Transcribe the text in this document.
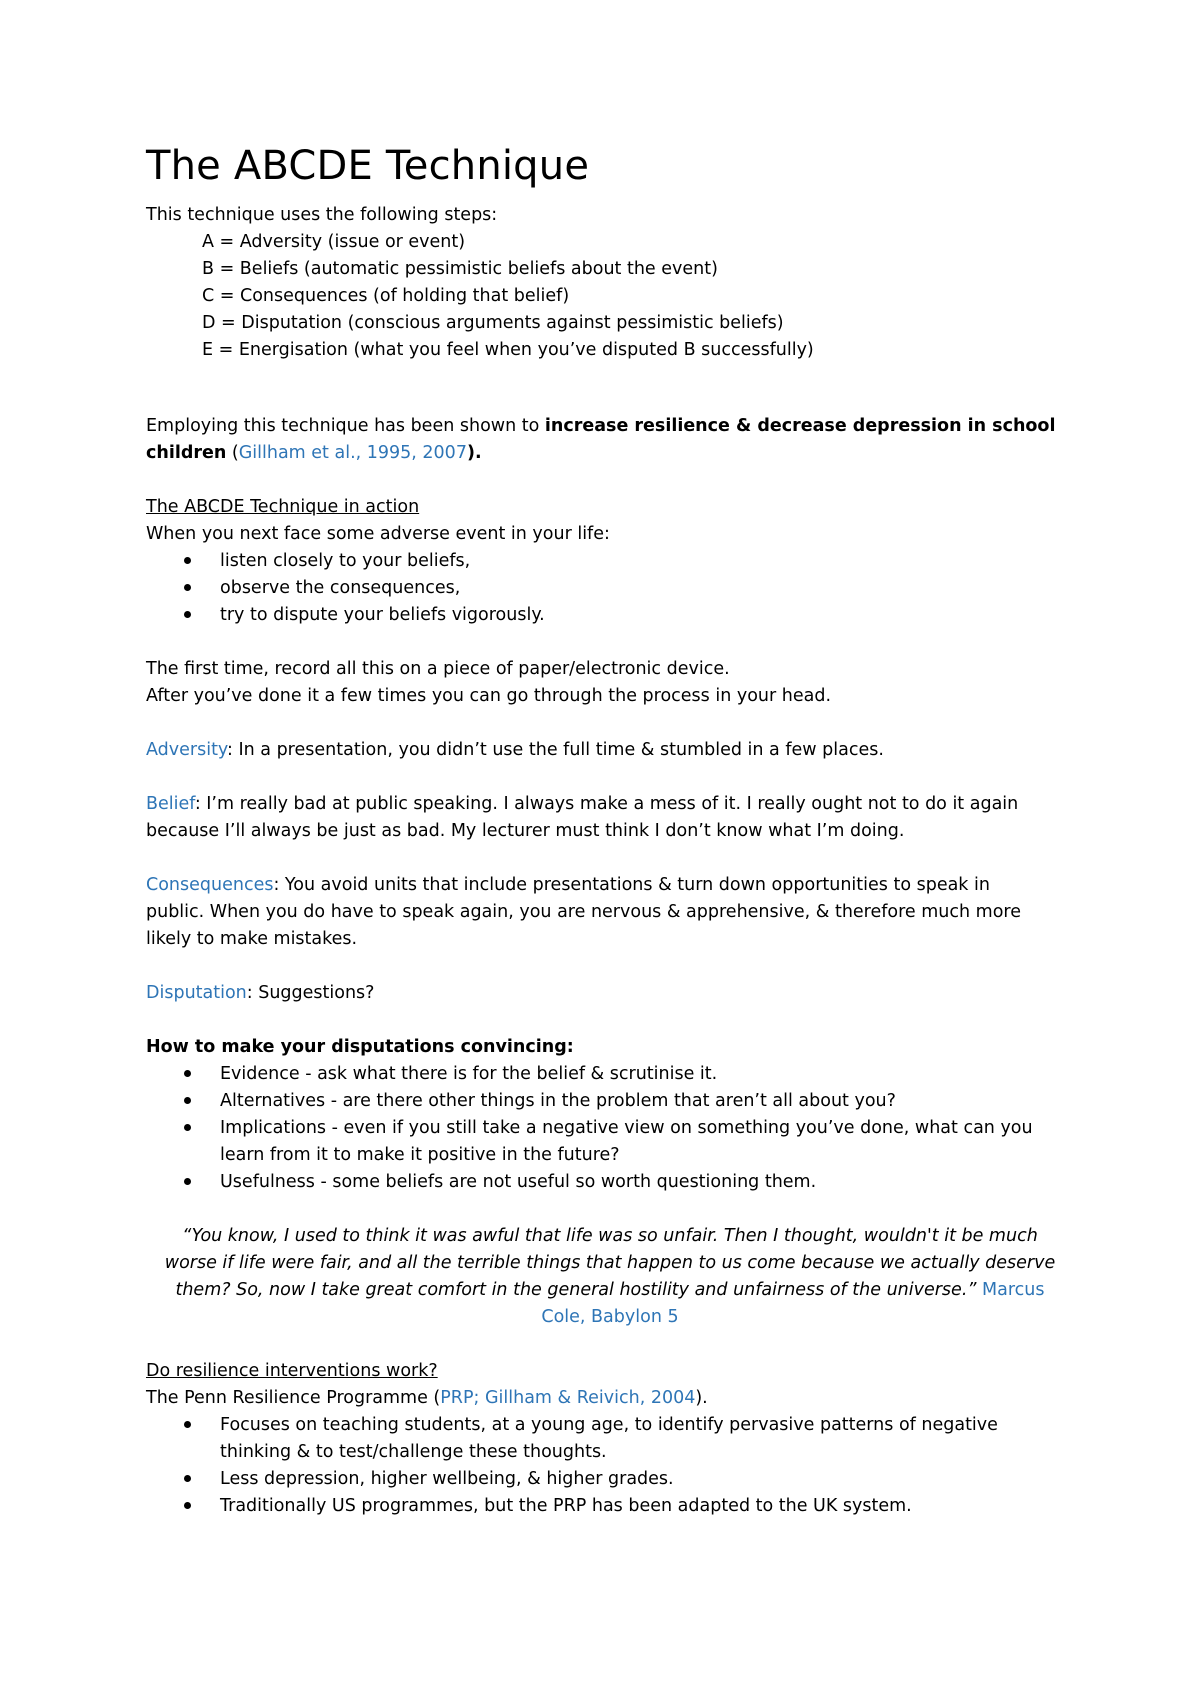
The ABCDE Technique

This technique uses the following steps:

A = Adversity (issue or event)

B = Beliefs (automatic pessimistic beliefs about the event)

C = Consequences (of holding that belief)

D = Disputation (conscious arguments against pessimistic beliefs)

E = Energisation (what you feel when you’ve disputed B successfully)

Employing this technique has been shown to increase resilience & decrease depression in school

children (Gillham et al., 1995, 2007).

The ABCDE Technique in action

When you next face some adverse event in your life:

listen closely to your beliefs,
observe the consequences,
try to dispute your beliefs vigorously.

The first time, record all this on a piece of paper/electronic device.

After you’ve done it a few times you can go through the process in your head.

Adversity: In a presentation, you didn’t use the full time & stumbled in a few places.

Belief: I’m really bad at public speaking. I always make a mess of it. I really ought not to do it again

because I’ll always be just as bad. My lecturer must think I don’t know what I’m doing.

Consequences: You avoid units that include presentations & turn down opportunities to speak in

public. When you do have to speak again, you are nervous & apprehensive, & therefore much more

likely to make mistakes.

Disputation: Suggestions?

How to make your disputations convincing:

Evidence - ask what there is for the belief & scrutinise it.
Alternatives - are there other things in the problem that aren’t all about you?
Implications - even if you still take a negative view on something you’ve done, what can you learn from it to make it positive in the future?
Usefulness - some beliefs are not useful so worth questioning them.

“You know, I used to think it was awful that life was so unfair. Then I thought, wouldn't it be much

worse if life were fair, and all the terrible things that happen to us come because we actually deserve

them? So, now I take great comfort in the general hostility and unfairness of the universe.” Marcus

Cole, Babylon 5

Do resilience interventions work?

The Penn Resilience Programme (PRP; Gillham & Reivich, 2004).

Focuses on teaching students, at a young age, to identify pervasive patterns of negative thinking & to test/challenge these thoughts.
Less depression, higher wellbeing, & higher grades.
Traditionally US programmes, but the PRP has been adapted to the UK system.
